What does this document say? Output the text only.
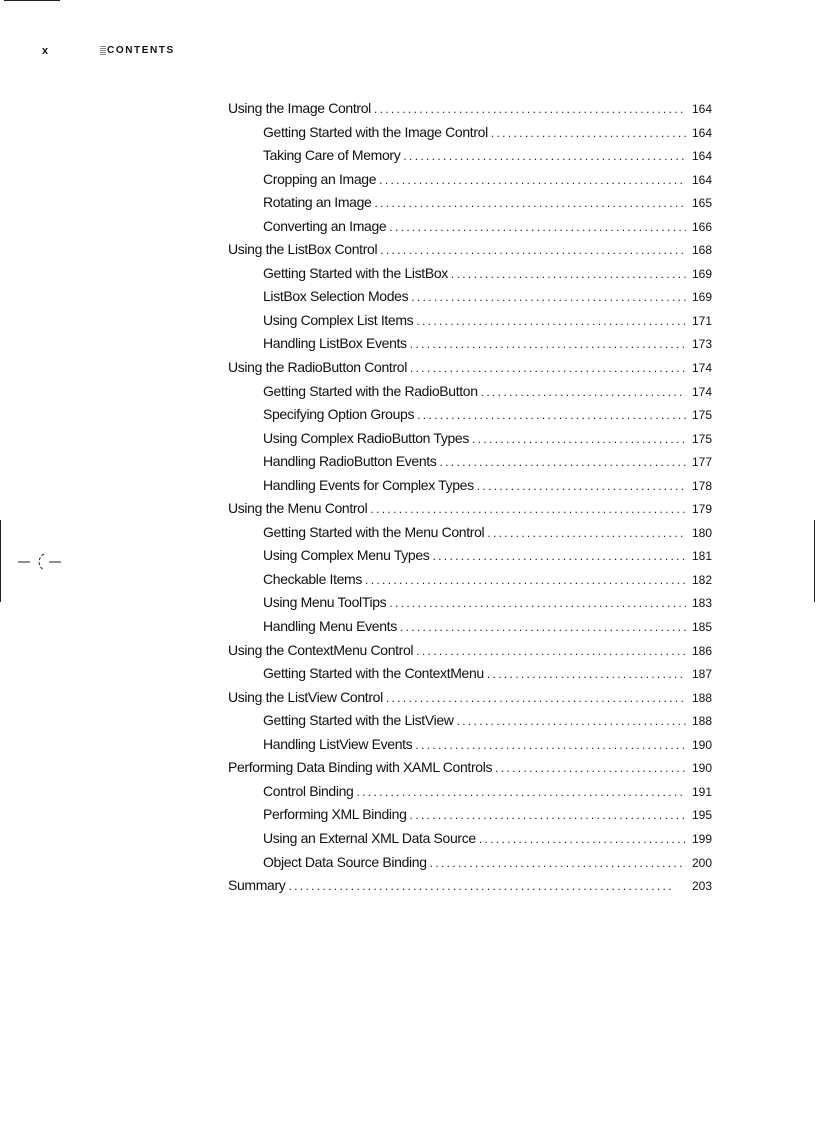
x	CONTENTS
Using the Image Control . . .	164
Getting Started with the Image Control . . .	164
Taking Care of Memory . . .	164
Cropping an Image . . .	164
Rotating an Image . . .	165
Converting an Image . . .	166
Using the ListBox Control . . .	168
Getting Started with the ListBox . . .	169
ListBox Selection Modes . . .	169
Using Complex List Items . . .	171
Handling ListBox Events . . .	173
Using the RadioButton Control . . .	174
Getting Started with the RadioButton . . .	174
Specifying Option Groups . . .	175
Using Complex RadioButton Types . . .	175
Handling RadioButton Events . . .	177
Handling Events for Complex Types . . .	178
Using the Menu Control . . .	179
Getting Started with the Menu Control . . .	180
Using Complex Menu Types . . .	181
Checkable Items . . .	182
Using Menu ToolTips . . .	183
Handling Menu Events . . .	185
Using the ContextMenu Control . . .	186
Getting Started with the ContextMenu . . .	187
Using the ListView Control . . .	188
Getting Started with the ListView . . .	188
Handling ListView Events . . .	190
Performing Data Binding with XAML Controls . . .	190
Control Binding . . .	191
Performing XML Binding . . .	195
Using an External XML Data Source . . .	199
Object Data Source Binding . . .	200
Summary . . .	203
